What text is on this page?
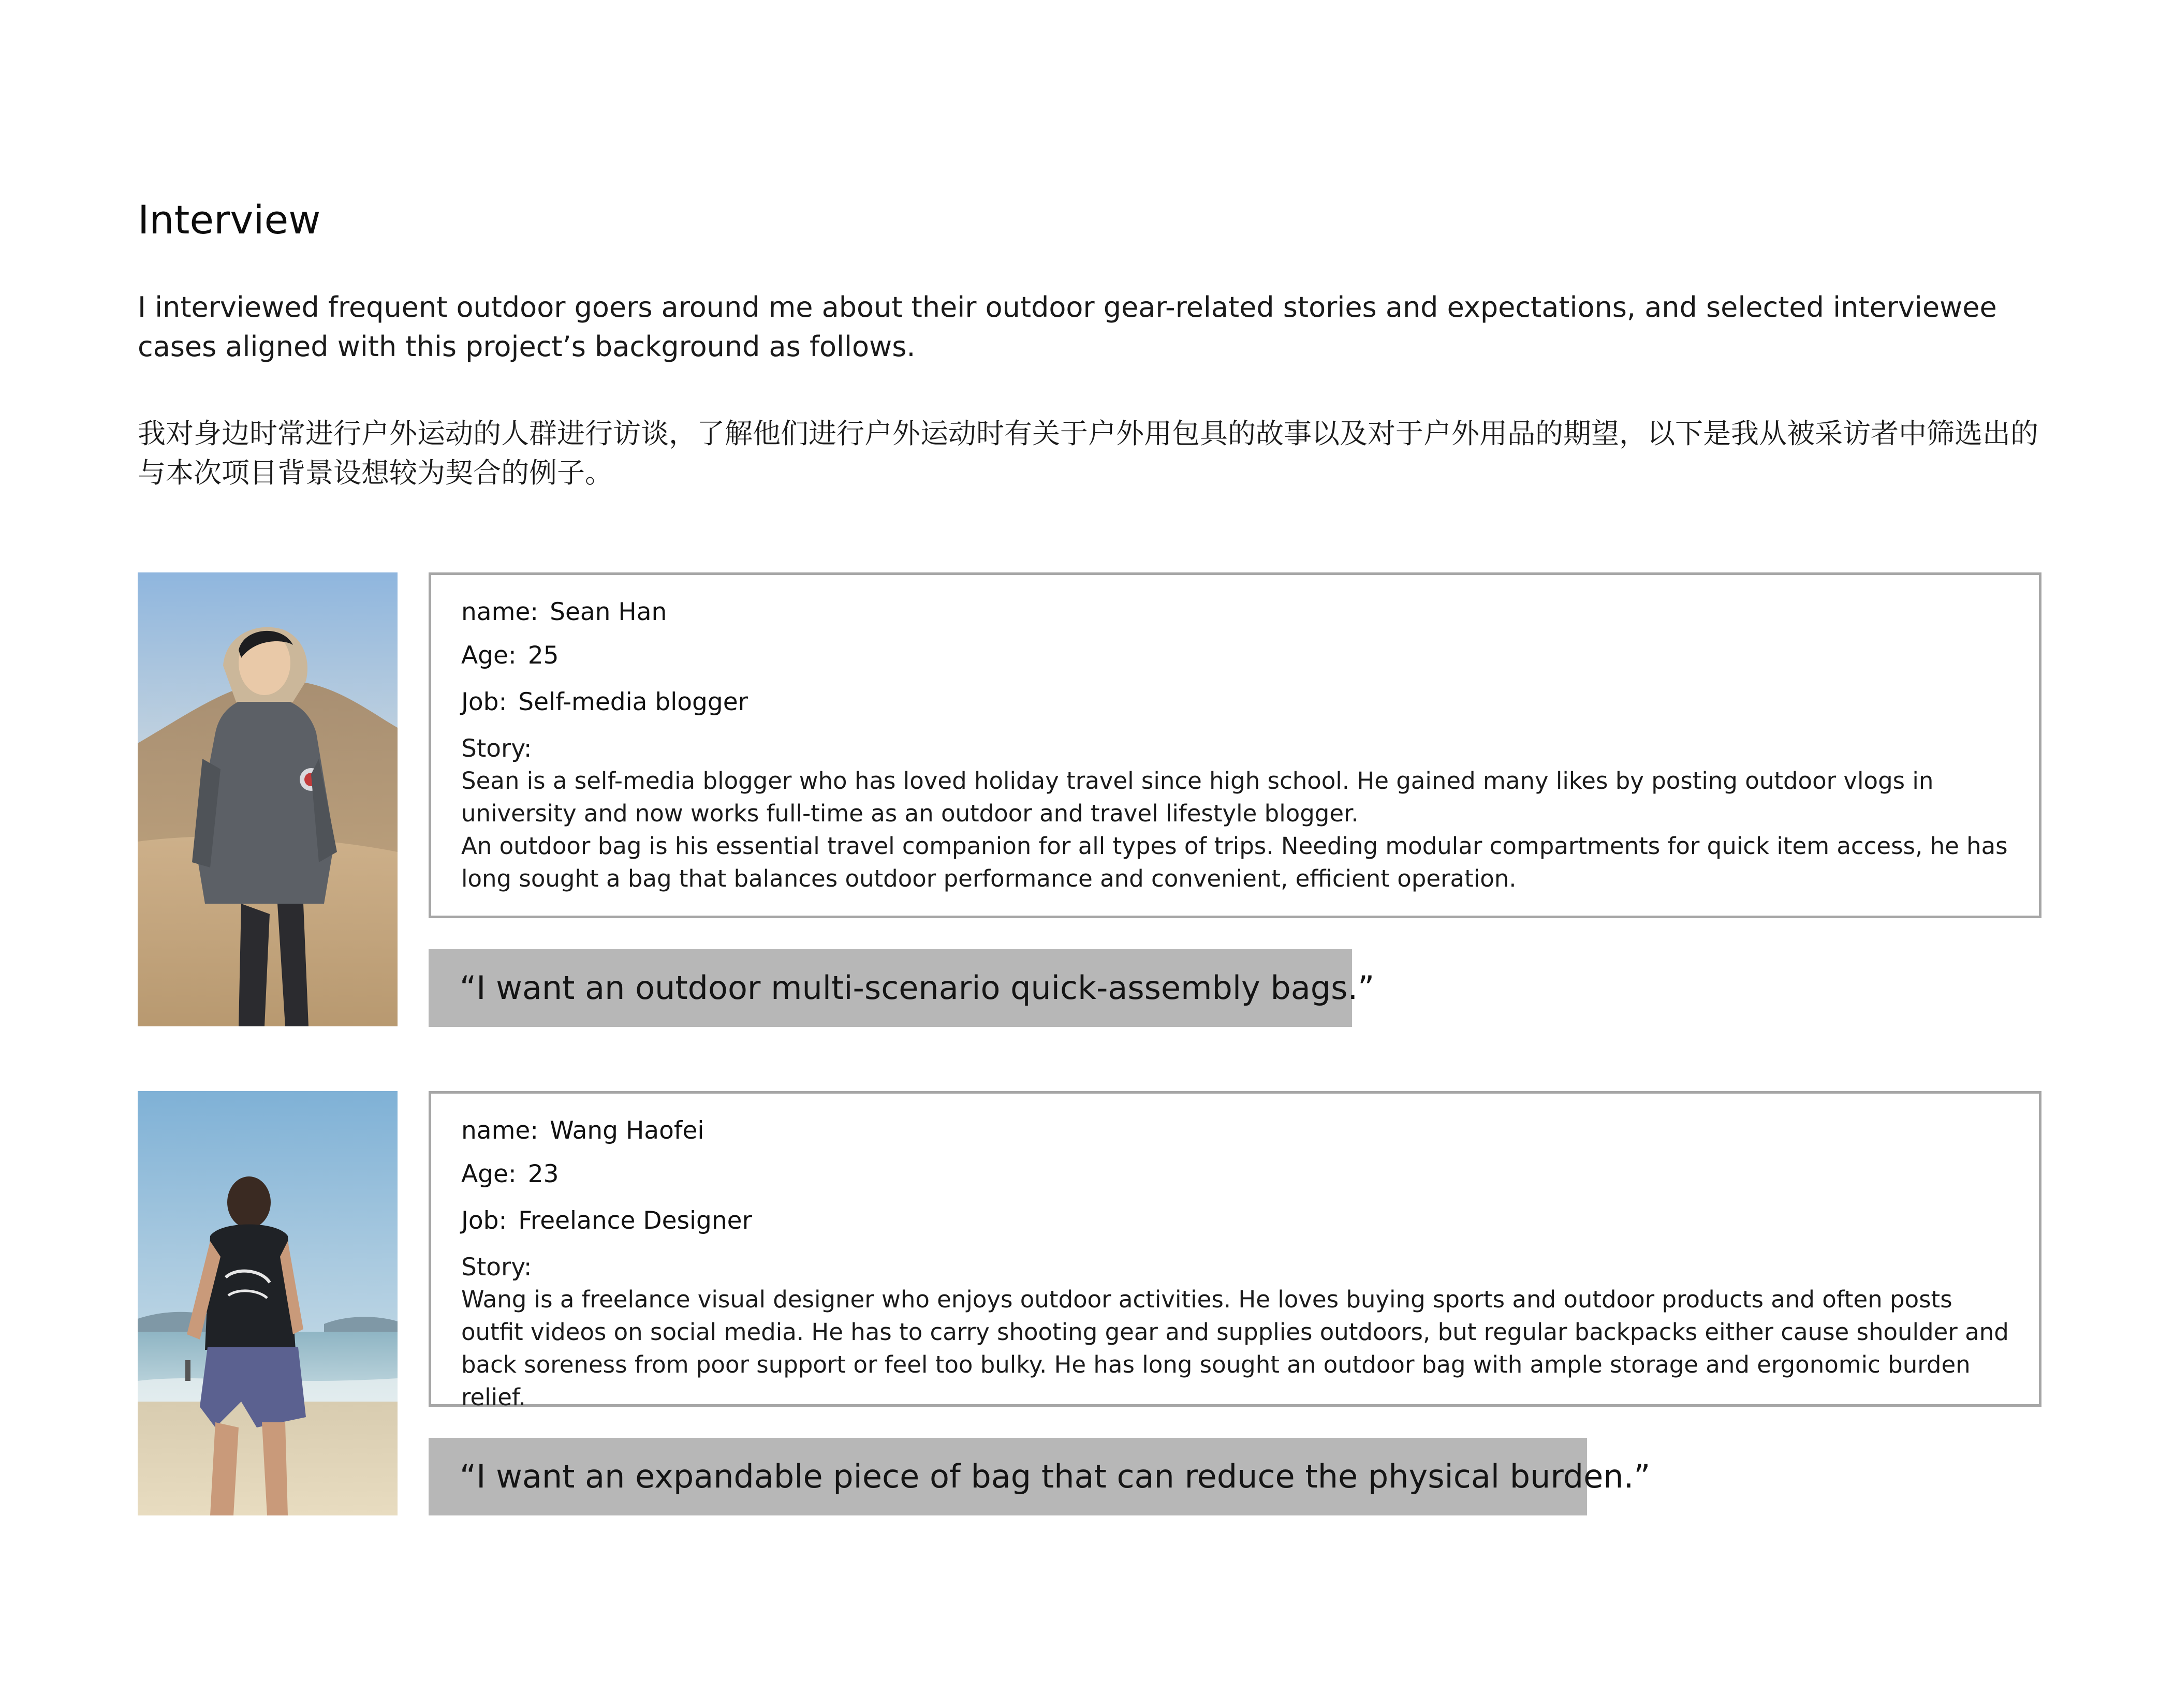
Interview

I interviewed frequent outdoor goers around me about their outdoor gear-related stories and expectations, and selected interviewee cases aligned with this project’s background as follows.

我对身边时常进行户外运动的人群进行访谈，了解他们进行户外运动时有关于户外用包具的故事以及对于户外用品的期望，以下是我从被采访者中筛选出的与本次项目背景设想较为契合的例子。

name: Sean Han
Age: 25
Job: Self-media blogger
Story:

Sean is a self-media blogger who has loved holiday travel since high school. He gained many likes by posting outdoor vlogs in university and now works full-time as an outdoor and travel lifestyle blogger.

An outdoor bag is his essential travel companion for all types of trips. Needing modular compartments for quick item access, he has long sought a bag that balances outdoor performance and convenient, efficient operation.

“I want an outdoor multi-scenario quick-assembly bags.”
name: Wang Haofei
Age: 23
Job: Freelance Designer
Story:

Wang is a freelance visual designer who enjoys outdoor activities. He loves buying sports and outdoor products and often posts outfit videos on social media. He has to carry shooting gear and supplies outdoors, but regular backpacks either cause shoulder and back soreness from poor support or feel too bulky. He has long sought an outdoor bag with ample storage and ergonomic burden relief.

“I want an expandable piece of bag that can reduce the physical burden.”
